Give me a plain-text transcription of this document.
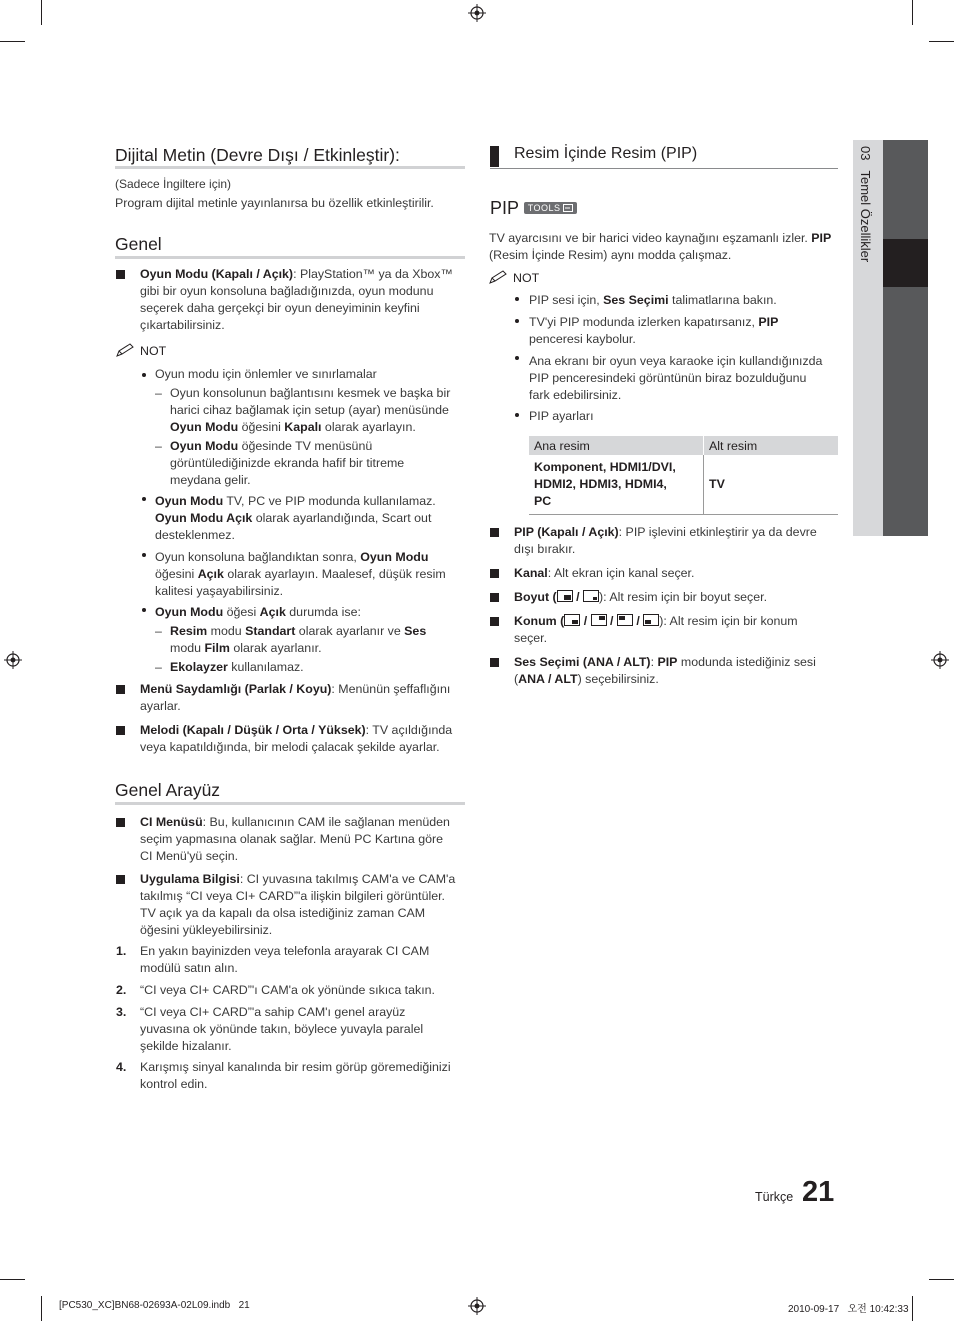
03Temel Özellikler
Dijital Metin (Devre Dışı / Etkinleştir):
(Sadece İngiltere için)
Program dijital metinle yayınlanırsa bu özellik etkinleştirilir.
Genel
Oyun Modu (Kapalı / Açık): PlayStation™ ya da Xbox™
gibi bir oyun konsoluna bağladığınızda, oyun modunu
seçerek daha gerçekçi bir oyun deneyiminin keyfini
çıkartabilirsiniz.
NOT
Oyun modu için önlemler ve sınırlamalar
– Oyun konsolunun bağlantısını kesmek ve başka bir
harici cihaz bağlamak için setup (ayar) menüsünde
Oyun Modu öğesini Kapalı olarak ayarlayın.
– Oyun Modu öğesinde TV menüsünü
görüntülediğinizde ekranda hafif bir titreme
meydana gelir.
Oyun Modu TV, PC ve PIP modunda kullanılamaz.
Oyun Modu Açık olarak ayarlandığında, Scart out
desteklenmez.
Oyun konsoluna bağlandıktan sonra, Oyun Modu
öğesini Açık olarak ayarlayın. Maalesef, düşük resim
kalitesi yaşayabilirsiniz.
Oyun Modu öğesi Açık durumda ise:
– Resim modu Standart olarak ayarlanır ve Ses
modu Film olarak ayarlanır.
– Ekolayzer kullanılamaz.
Menü Saydamlığı (Parlak / Koyu): Menünün şeffaflığını
ayarlar.
Melodi (Kapalı / Düşük / Orta / Yüksek): TV açıldığında
veya kapatıldığında, bir melodi çalacak şekilde ayarlar.
Genel Arayüz
CI Menüsü: Bu, kullanıcının CAM ile sağlanan menüden
seçim yapmasına olanak sağlar. Menü PC Kartına göre
CI Menü'yü seçin.
Uygulama Bilgisi: CI yuvasına takılmış CAM'a ve CAM'a
takılmış “CI veya CI+ CARD”'a ilişkin bilgileri görüntüler.
TV açık ya da kapalı da olsa istediğiniz zaman CAM
öğesini yükleyebilirsiniz.
1. En yakın bayinizden veya telefonla arayarak CI CAM
modülü satın alın.
2. “CI veya CI+ CARD”'ı CAM'a ok yönünde sıkıca takın.
3. “CI veya CI+ CARD”'a sahip CAM'ı genel arayüz
yuvasına ok yönünde takın, böylece yuvayla paralel
şekilde hizalanır.
4. Karışmış sinyal kanalında bir resim görüp göremediğinizi
kontrol edin.
Resim İçinde Resim (PIP)
PIP TOOLS
TV ayarcısını ve bir harici video kaynağını eşzamanlı izler. PIP
(Resim İçinde Resim) aynı modda çalışmaz.
NOT
PIP sesi için, Ses Seçimi talimatlarına bakın.
TV'yi PIP modunda izlerken kapatırsanız, PIP
penceresi kaybolur.
Ana ekranı bir oyun veya karaoke için kullandığınızda
PIP penceresindeki görüntünün biraz bozulduğunu
fark edebilirsiniz.
PIP ayarları
Ana resim	Alt resim
Komponent, HDMI1/DVI,
HDMI2, HDMI3, HDMI4,
PC	TV
PIP (Kapalı / Açık): PIP işlevini etkinleştirir ya da devre
dışı bırakır.
Kanal: Alt ekran için kanal seçer.
Boyut (
/
): Alt resim için bir boyut seçer.
Konum (
/
/
/
): Alt resim için bir konum
seçer.
Ses Seçimi (ANA / ALT): PIP modunda istediğiniz sesi
(ANA / ALT) seçebilirsiniz.
Türkçe 21
[PC530_XC]BN68-02693A-02L09.indb   21	2010-09-17   오전 10:42:33
